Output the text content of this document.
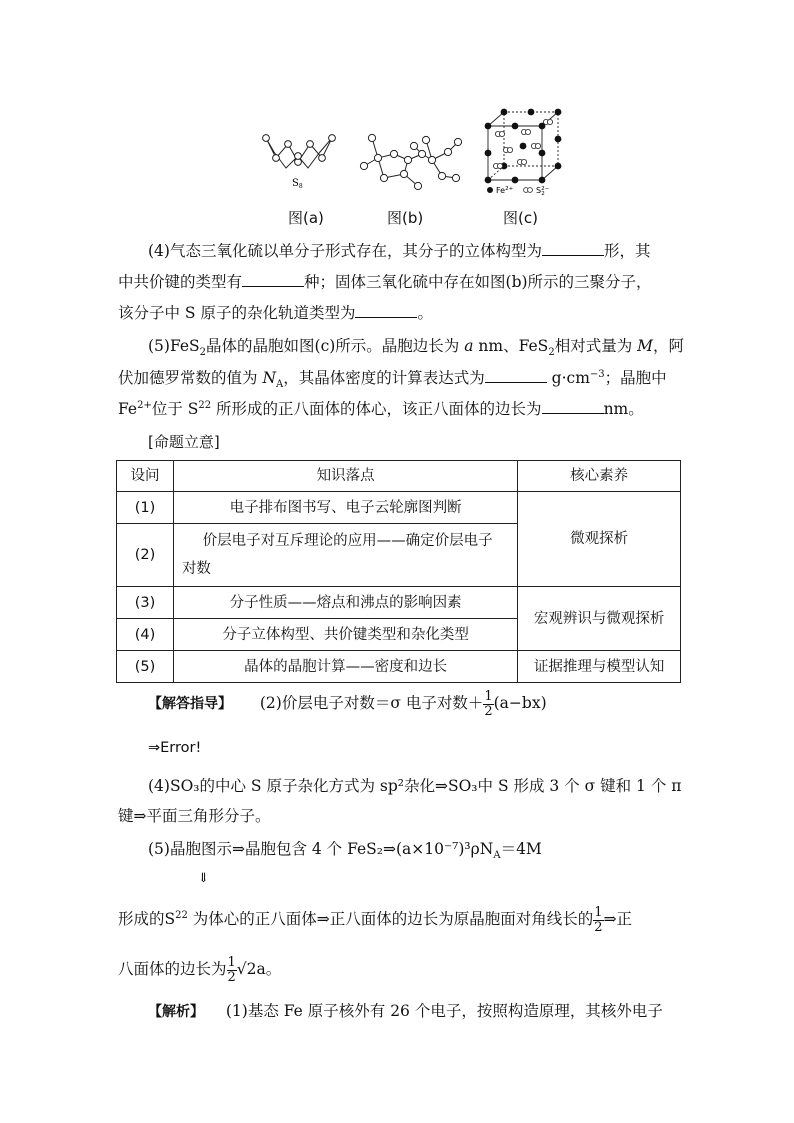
$S_8$	$Fe^{2+}$	$S^{2-}$ 2
图(a)	图(b)	图(c)
(4)气态三氧化硫以单分子形式存在，其分子的立体构型为	形，其
中共价键的类型有	种；固体三氧化硫中存在如图(b)所示的三聚分子，
该分子中 S 原子的杂化轨道类型为	。
(5)FeS$_2$晶体的晶胞如图(c)所示。晶胞边长为 a nm、FeS$_2$相对式量为 M，阿
伏加德罗常数的值为 $N_A$，其晶体密度的计算表达式为	$g\cdot cm^{-3}$；晶胞中
$Fe^{2+}$位于 $S^{22}$ 所形成的正八面体的体心，该正八面体的边长为	nm。
[命题立意]
设问	知识落点	核心素养
(1)	电子排布图书写、电子云轮廓图判断	微观探析
(2)	价层电子对互斥理论的应用——确定价层电子
对数	

(3)	分子性质——熔点和沸点的影响因素	宏观辨识与微观探析
(4)	分子立体构型、共价键类型和杂化类型	
(5)	晶体的晶胞计算——密度和边长	证据推理与模型认知
【解答指导】 (2)价层电子对数＝σ 电子对数＋ $\frac{1}{2} (a-bx)$
⇒Error!
(4)SO₃的中心 S 原子杂化方式为 sp²杂化⇒SO₃中 S 形成 3 个 σ 键和 1 个 π
键⇒平面三角形分子。
(5)晶胞图示⇒晶胞包含 4 个 $FeS_2\Rightarrow(a\times 10^{-7})^3\rho N_A=4M$
⇓
形成的$S^{22}$ 为体心的正八面体⇒正八面体的边长为原晶胞面对角线长的 $\frac{1}{2}$ ⇒正
八面体的边长为 $\frac{1}{2} √2a$。
【解析】 (1)基态 Fe 原子核外有 26 个电子，按照构造原理，其核外电子
